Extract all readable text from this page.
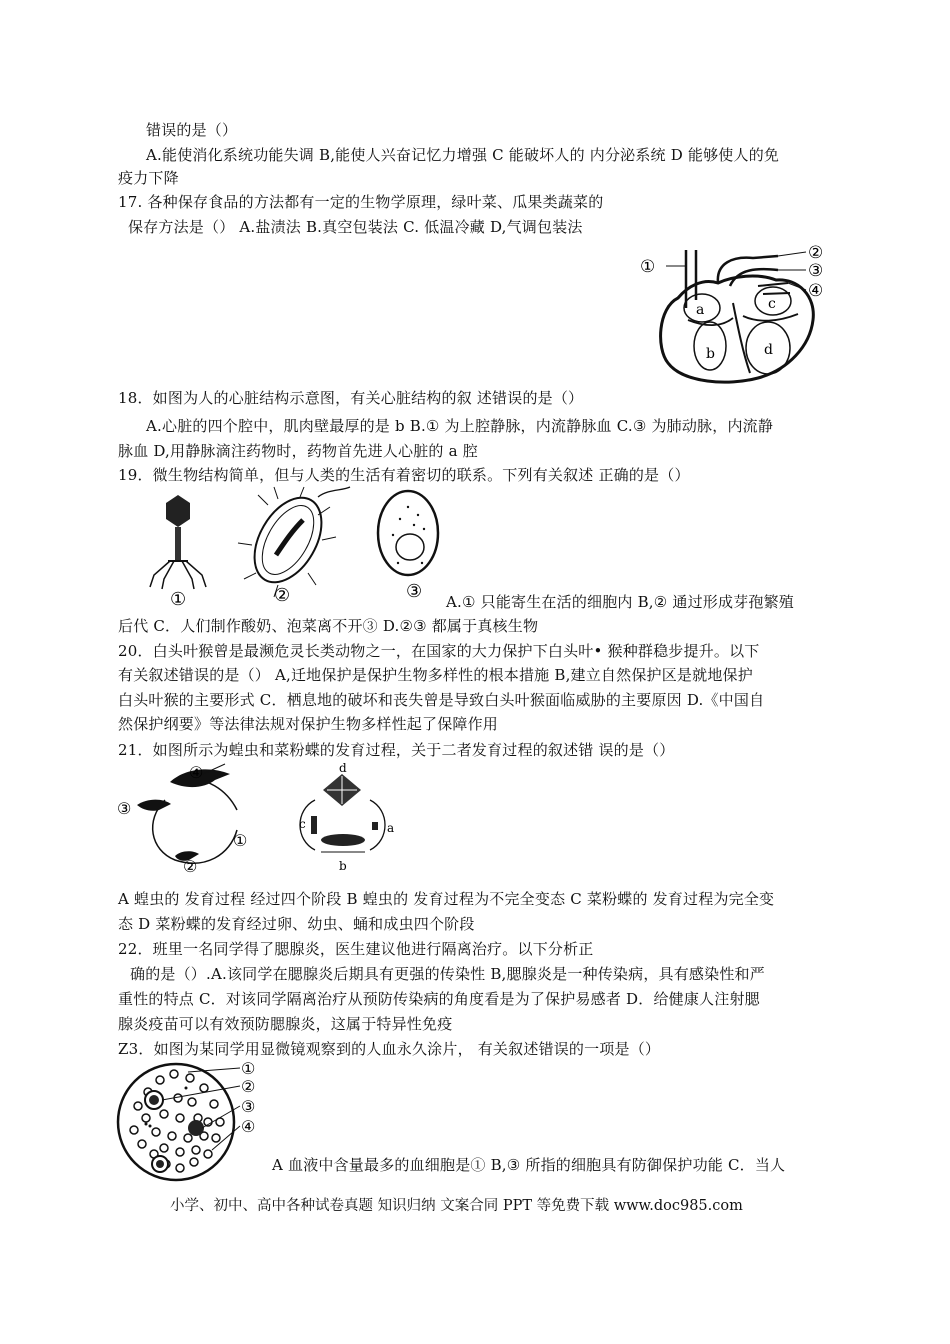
错误的是（）
A.能使消化系统功能失调 B,能使人兴奋记忆力增强 C 能破坏人的 内分泌系统 D 能够使人的免
疫力下降
17. 各种保存食品的方法都有一定的生物学原理，绿叶菜、瓜果类蔬菜的
保存方法是（） A.盐渍法 B.真空包装法 C. 低温冷藏 D,气调包装法
18．如图为人的心脏结构示意图，有关心脏结构的叙 述错误的是（）
A.心脏的四个腔中，肌肉壁最厚的是 b B.① 为上腔静脉，内流静脉血 C.③ 为肺动脉，内流静
脉血 D,用静脉滴注药物时，药物首先进人心脏的 a 腔
19．微生物结构简单，但与人类的生活有着密切的联系。下列有关叙述 正确的是（）
A.① 只能寄生在活的细胞内 B,② 通过形成芽孢繁殖
后代 C．人们制作酸奶、泡菜离不开③ D.②③ 都属于真核生物
20．白头叶猴曾是最濒危灵长类动物之一，在国家的大力保护下白头叶• 猴种群稳步提升。以下
有关叙述错误的是（） A,迁地保护是保护生物多样性的根本措施 B,建立自然保护区是就地保护
白头叶猴的主要形式 C．栖息地的破坏和丧失曾是导致白头叶猴面临威胁的主要原因 D.《中国自
然保护纲要》等法律法规对保护生物多样性起了保障作用
21．如图所示为蝗虫和菜粉蝶的发育过程，关于二者发育过程的叙述错 误的是（）
A 蝗虫的 发育过程 经过四个阶段 B 蝗虫的 发育过程为不完全变态 C 菜粉蝶的 发育过程为完全变
态 D 菜粉蝶的发育经过卵、幼虫、蛹和成虫四个阶段
22．班里一名同学得了腮腺炎，医生建议他进行隔离治疗。以下分析正
确的是（）.A.该同学在腮腺炎后期具有更强的传染性 B,腮腺炎是一种传染病，具有感染性和严
重性的特点 C．对该同学隔离治疗从预防传染病的角度看是为了保护易感者 D．给健康人注射腮
腺炎疫苗可以有效预防腮腺炎，这属于特异性免疫
Z3．如图为某同学用显微镜观察到的人血永久涂片， 有关叙述错误的一项是（）
A 血液中含量最多的血细胞是① B,③ 所指的细胞具有防御保护功能 C．当人
①
②
③
④
a
b
c
d
①	②	③
④
③
②
①
d
c	a
b
①
②
③
④
小学、初中、高中各种试卷真题 知识归纳 文案合同 PPT 等免费下载 www.doc985.com
